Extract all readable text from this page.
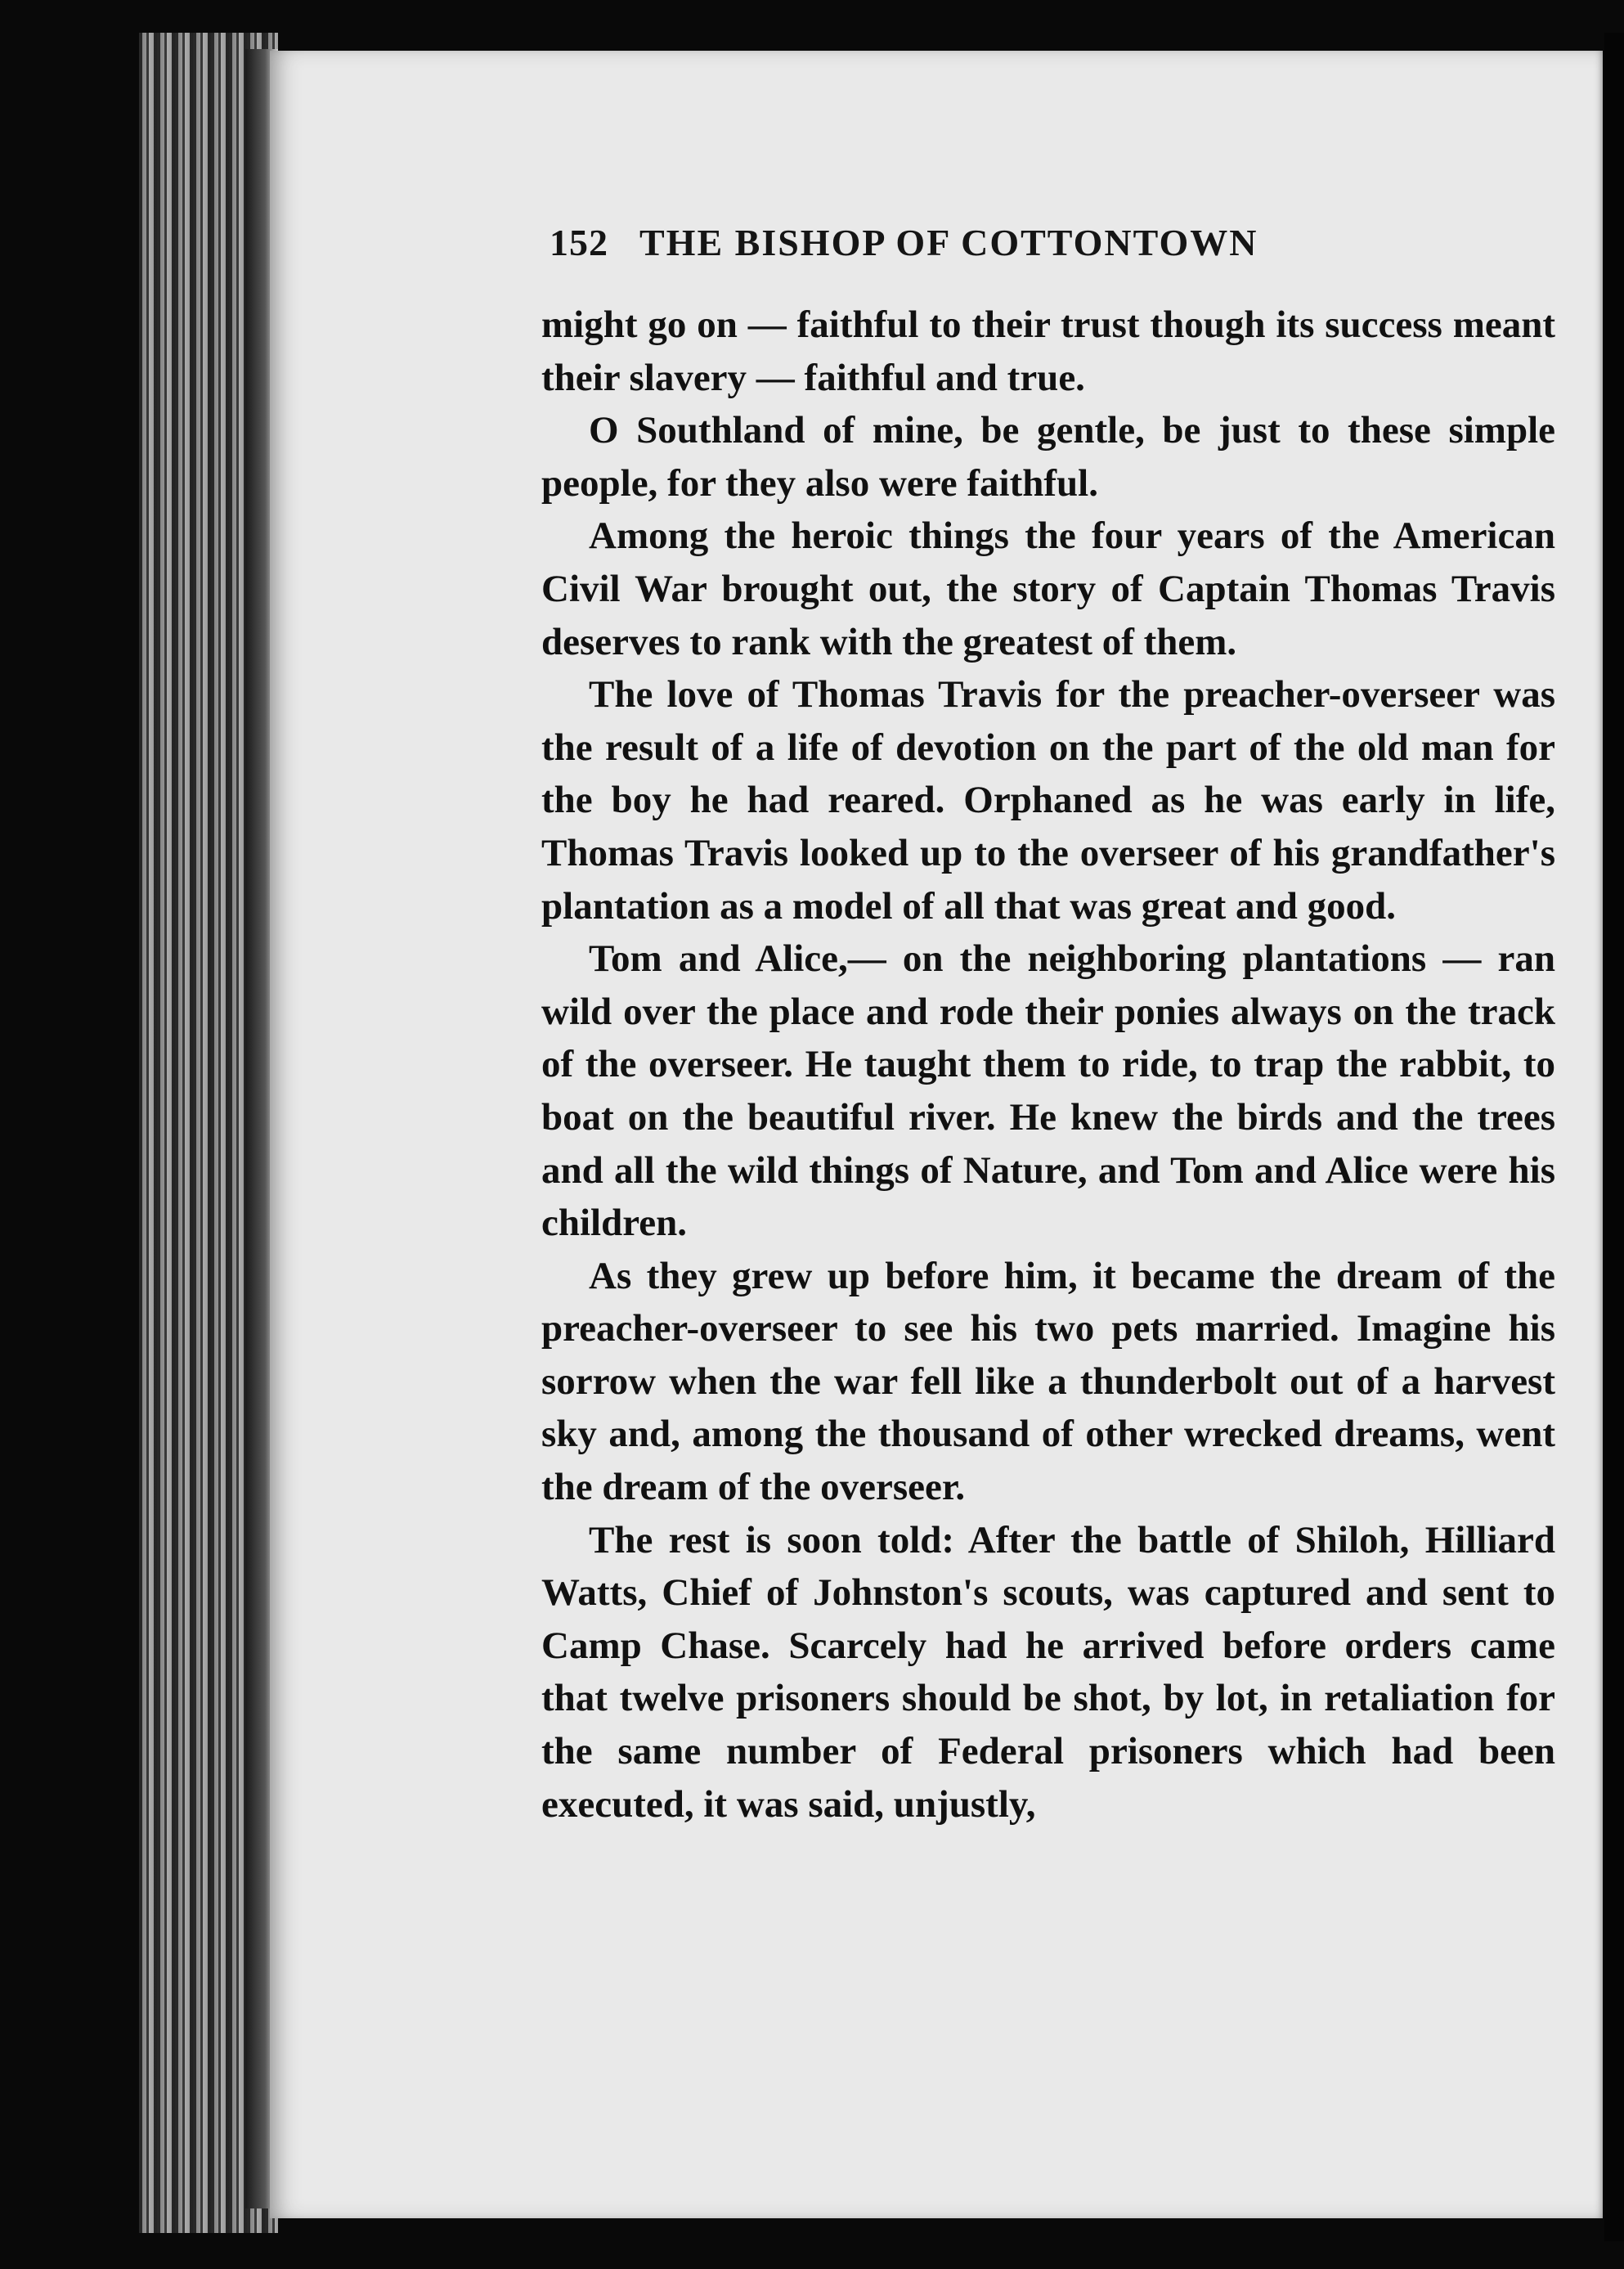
152 THE BISHOP OF COTTONTOWN

might go on — faithful to their trust though its success meant their slavery — faithful and true.

O Southland of mine, be gentle, be just to these simple people, for they also were faithful.

Among the heroic things the four years of the American Civil War brought out, the story of Captain Thomas Travis deserves to rank with the greatest of them.

The love of Thomas Travis for the preacher-overseer was the result of a life of devotion on the part of the old man for the boy he had reared. Orphaned as he was early in life, Thomas Travis looked up to the overseer of his grandfather's plantation as a model of all that was great and good.

Tom and Alice,— on the neighboring plantations — ran wild over the place and rode their ponies always on the track of the overseer. He taught them to ride, to trap the rabbit, to boat on the beautiful river. He knew the birds and the trees and all the wild things of Nature, and Tom and Alice were his children.

As they grew up before him, it became the dream of the preacher-overseer to see his two pets married. Imagine his sorrow when the war fell like a thunderbolt out of a harvest sky and, among the thousand of other wrecked dreams, went the dream of the overseer.

The rest is soon told: After the battle of Shiloh, Hilliard Watts, Chief of Johnston's scouts, was captured and sent to Camp Chase. Scarcely had he arrived before orders came that twelve prisoners should be shot, by lot, in retaliation for the same number of Federal prisoners which had been executed, it was said, unjustly,
